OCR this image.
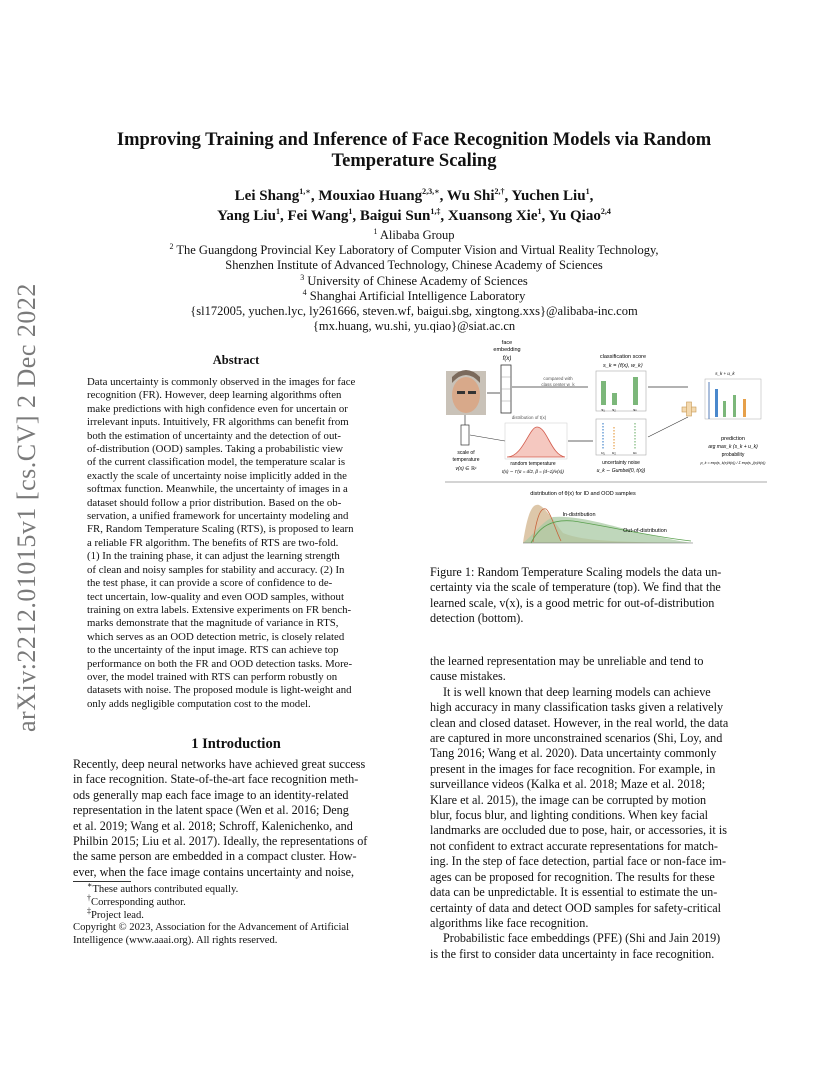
arXiv:2212.01015v1 [cs.CV] 2 Dec 2022
Improving Training and Inference of Face Recognition Models via Random
Temperature Scaling
Lei Shang$^{1,∗}$, Mouxiao Huang$^{2,3,∗}$, Wu Shi$^{2,\dagger}$, Yuchen Liu$^1$,
Yang Liu$^1$, Fei Wang$^1$, Baigui Sun$^{1,\ddagger}$, Xuansong Xie$^1$, Yu Qiao$^{2,4}$
$^1$ Alibaba Group
$^2$ The Guangdong Provincial Key Laboratory of Computer Vision and Virtual Reality Technology,
Shenzhen Institute of Advanced Technology, Chinese Academy of Sciences
$^3$ University of Chinese Academy of Sciences
$^4$ Shanghai Artificial Intelligence Laboratory
{sl172005, yuchen.lyc, ly261666, steven.wf, baigui.sbg, xingtong.xxs}@alibaba-inc.com
{mx.huang, wu.shi, yu.qiao}@siat.ac.cn
Abstract
Data uncertainty is commonly observed in the images for face
recognition (FR). However, deep learning algorithms often
make predictions with high confidence even for uncertain or
irrelevant inputs. Intuitively, FR algorithms can benefit from
both the estimation of uncertainty and the detection of out-
of-distribution (OOD) samples. Taking a probabilistic view
of the current classification model, the temperature scalar is
exactly the scale of uncertainty noise implicitly added in the
softmax function. Meanwhile, the uncertainty of images in a
dataset should follow a prior distribution. Based on the ob-
servation, a unified framework for uncertainty modeling and
FR, Random Temperature Scaling (RTS), is proposed to learn
a reliable FR algorithm. The benefits of RTS are two-fold.
(1) In the training phase, it can adjust the learning strength
of clean and noisy samples for stability and accuracy. (2) In
the test phase, it can provide a score of confidence to de-
tect uncertain, low-quality and even OOD samples, without
training on extra labels. Extensive experiments on FR bench-
marks demonstrate that the magnitude of variance in RTS,
which serves as an OOD detection metric, is closely related
to the uncertainty of the input image. RTS can achieve top
performance on both the FR and OOD detection tasks. More-
over, the model trained with RTS can perform robustly on
datasets with noise. The proposed module is light-weight and
only adds negligible computation cost to the model.
1 Introduction
Recently, deep neural networks have achieved great success
in face recognition. State-of-the-art face recognition meth-
ods generally map each face image to an identity-related
representation in the latent space (Wen et al. 2016; Deng
et al. 2019; Wang et al. 2018; Schroff, Kalenichenko, and
Philbin 2015; Liu et al. 2017). Ideally, the representations of
the same person are embedded in a compact cluster. How-
ever, when the face image contains uncertainty and noise,
∗These authors contributed equally.
†Corresponding author.
‡Project lead.
Copyright © 2023, Association for the Advancement of Artificial
Intelligence (www.aaai.org). All rights reserved.
face
embedding
f(x)
compared with
class center w_k
classification score
s_k = ⟨f(x), w_k⟩
s₁ s₂	sₙ
s_k + u_k
prediction
arg max_k (s_k + u_k)
probability
p_k = exp(s_k(x)/t(x)) / Σ exp(s_j(x)/t(x))
scale of
temperature
v(x) ∈ ℝ¹
distribution of t(x)
random temperature
t(x) ∼ Γ(α = d/2, β = (d−1)/v(x))
u₁ u₂	uₙ
uncertainty noise
u_k ∼ Gumbel(0, t(x))
distribution of θ(x) for ID and OOD samples
In-distribution
Out-of-distribution
Figure 1: Random Temperature Scaling models the data un-
certainty via the scale of temperature (top). We find that the
learned scale, v(x), is a good metric for out-of-distribution
detection (bottom).
the learned representation may be unreliable and tend to
cause mistakes.
It is well known that deep learning models can achieve
high accuracy in many classification tasks given a relatively
clean and closed dataset. However, in the real world, the data
are captured in more unconstrained scenarios (Shi, Loy, and
Tang 2016; Wang et al. 2020). Data uncertainty commonly
present in the images for face recognition. For example, in
surveillance videos (Kalka et al. 2018; Maze et al. 2018;
Klare et al. 2015), the image can be corrupted by motion
blur, focus blur, and lighting conditions. When key facial
landmarks are occluded due to pose, hair, or accessories, it is
not confident to extract accurate representations for match-
ing. In the step of face detection, partial face or non-face im-
ages can be proposed for recognition. The results for these
data can be unpredictable. It is essential to estimate the un-
certainty of data and detect OOD samples for safety-critical
algorithms like face recognition.
Probabilistic face embeddings (PFE) (Shi and Jain 2019)
is the first to consider data uncertainty in face recognition.
